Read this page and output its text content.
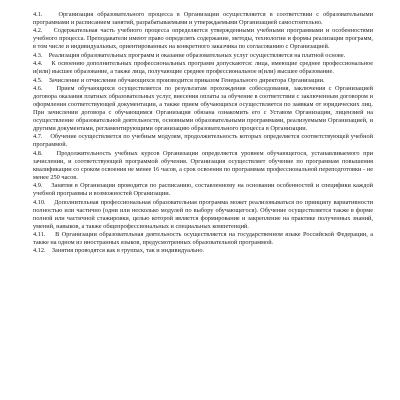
4.1.	Организация образовательного процесса в Организации осуществляется в соответствии с образовательными программами и расписанием занятий, разрабатываемыми и утверждаемыми Организацией самостоятельно.

4.2. Содержательная часть учебного процесса определяется утвержденными учебными программами и особенностями учебного процесса. Преподаватели имеют право определять содержание, методы, технологии и формы реализации программ, в том числе и индивидуальных, ориентированных на конкретного заказчика по согласованию с Организацией.

4.3. Реализация образовательных программ и оказание образовательных услуг осуществляется на платной основе.

4.4. К освоению дополнительных профессиональных программ допускаются: лица, имеющие среднее профессиональное и(или) высшее образование, а также лица, получающие среднее профессиональное и(или) высшее образование.

4.5. Зачисление и отчисление обучающихся производится приказом Генерального директора Организации.

4.6. Прием обучающихся осуществляется по результатам прохождения собеседования, заключения с Организацией договора оказания платных образовательных услуг, внесения оплаты за обучение в соответствии с заключенным договором и оформления соответствующей документации, а также прием обучающихся осуществляется по заявкам от юридических лиц. При зачислении договора с обучающимся Организация обязана ознакомить его с Уставом Организации, лицензией на осуществление образовательной деятельности, основными образовательными программами, реализуемыми Организацией, и другими документами, регламентирующими организацию образовательного процесса в Организации.

4.7. Обучение осуществляется по учебным модулям, продолжительность которых определяется соответствующей учебной программой.

4.8. Продолжительность учебных курсов Организации определяется уровнем обучающегося, устанавливаемого при зачислении, и соответствующей программой обучения. Организация осуществляет обучение по программам повышения квалификации со сроком освоения не менее 16 часов, а срок освоения по программам профессиональной переподготовки - не менее 250 часов.

4.9. Занятия в Организации проводятся по расписанию, составленному на основании особенностей и специфики каждой учебной программы и возможностей Организации.

4.10. Дополнительная профессиональная образовательная программа может реализовываться по принципу вариативности полностью или частично (одни или несколько модулей по выбору обучающегося). Обучение осуществляется также в форме полной или частичной стажировки, целью которой является формирование и закрепление на практике полученных знаний, умений, навыков, а также общепрофессиональных и специальных компетенций.

4.11. В Организации образовательная деятельность осуществляется на государственном языке Российской Федерации, а также на одном из иностранных языков, предусмотренных образовательной программой.

4.12. Занятия проводятся как в группах, так и индивидуально.
